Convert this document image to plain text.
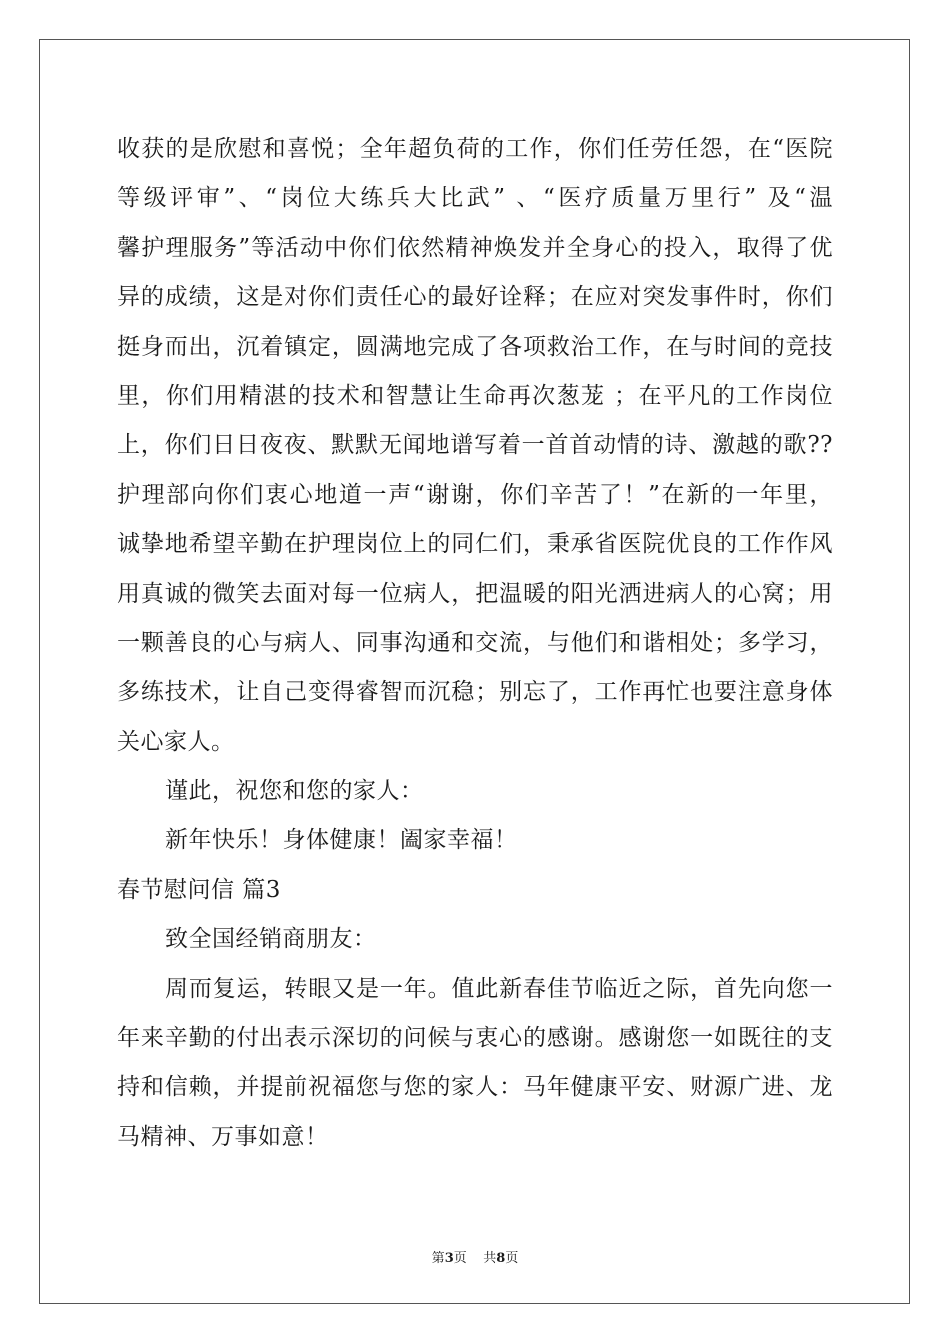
收获的是欣慰和喜悦；全年超负荷的工作，你们任劳任怨，在“医院
等级评审”、“岗位大练兵大比武” 、“医疗质量万里行” 及“温
馨护理服务”等活动中你们依然精神焕发并全身心的投入，取得了优
异的成绩，这是对你们责任心的最好诠释；在应对突发事件时，你们
挺身而出，沉着镇定，圆满地完成了各项救治工作，在与时间的竞技
里，你们用精湛的技术和智慧让生命再次葱茏 ；在平凡的工作岗位
上，你们日日夜夜、默默无闻地谱写着一首首动情的诗、激越的歌??
护理部向你们衷心地道一声“谢谢，你们辛苦了！”在新的一年里，
诚挚地希望辛勤在护理岗位上的同仁们，秉承省医院优良的工作作风
用真诚的微笑去面对每一位病人，把温暖的阳光洒进病人的心窝；用
一颗善良的心与病人、同事沟通和交流，与他们和谐相处；多学习，
多练技术，让自己变得睿智而沉稳；别忘了，工作再忙也要注意身体
关心家人。
谨此，祝您和您的家人：
新年快乐！身体健康！阖家幸福！
春节慰问信 篇3
致全国经销商朋友：
周而复运，转眼又是一年。值此新春佳节临近之际，首先向您一
年来辛勤的付出表示深切的问候与衷心的感谢。感谢您一如既往的支
持和信赖，并提前祝福您与您的家人：马年健康平安、财源广进、龙
马精神、万事如意！
第3页    共8页
